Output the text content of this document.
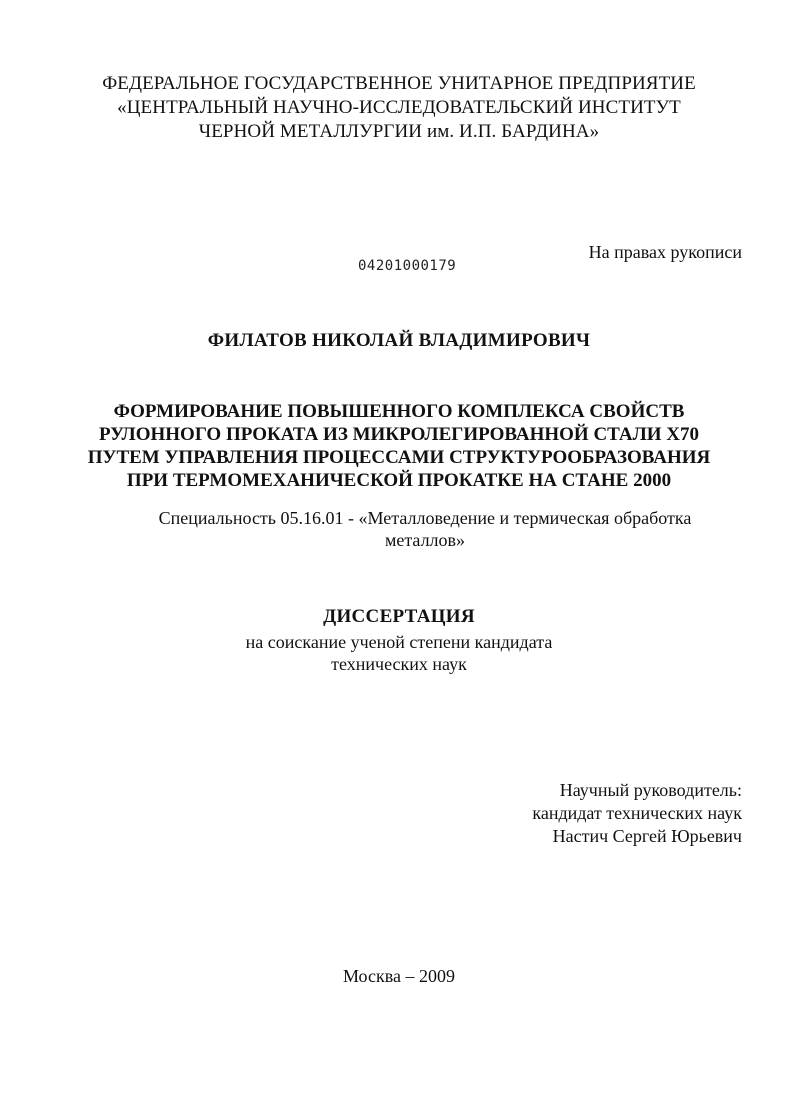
ФЕДЕРАЛЬНОЕ ГОСУДАРСТВЕННОЕ УНИТАРНОЕ ПРЕДПРИЯТИЕ
«ЦЕНТРАЛЬНЫЙ НАУЧНО-ИССЛЕДОВАТЕЛЬСКИЙ ИНСТИТУТ
ЧЕРНОЙ МЕТАЛЛУРГИИ им. И.П. БАРДИНА»
На правах рукописи
04201000179
ФИЛАТОВ НИКОЛАЙ ВЛАДИМИРОВИЧ
ФОРМИРОВАНИЕ ПОВЫШЕННОГО КОМПЛЕКСА СВОЙСТВ
РУЛОННОГО ПРОКАТА ИЗ МИКРОЛЕГИРОВАННОЙ СТАЛИ Х70
ПУТЕМ УПРАВЛЕНИЯ ПРОЦЕССАМИ СТРУКТУРООБРАЗОВАНИЯ
ПРИ ТЕРМОМЕХАНИЧЕСКОЙ ПРОКАТКЕ НА СТАНЕ 2000
Специальность 05.16.01 - «Металловедение и термическая обработка
металлов»
ДИССЕРТАЦИЯ
на соискание ученой степени кандидата
технических наук
Научный руководитель:
кандидат технических наук
Настич Сергей Юрьевич
Москва – 2009
